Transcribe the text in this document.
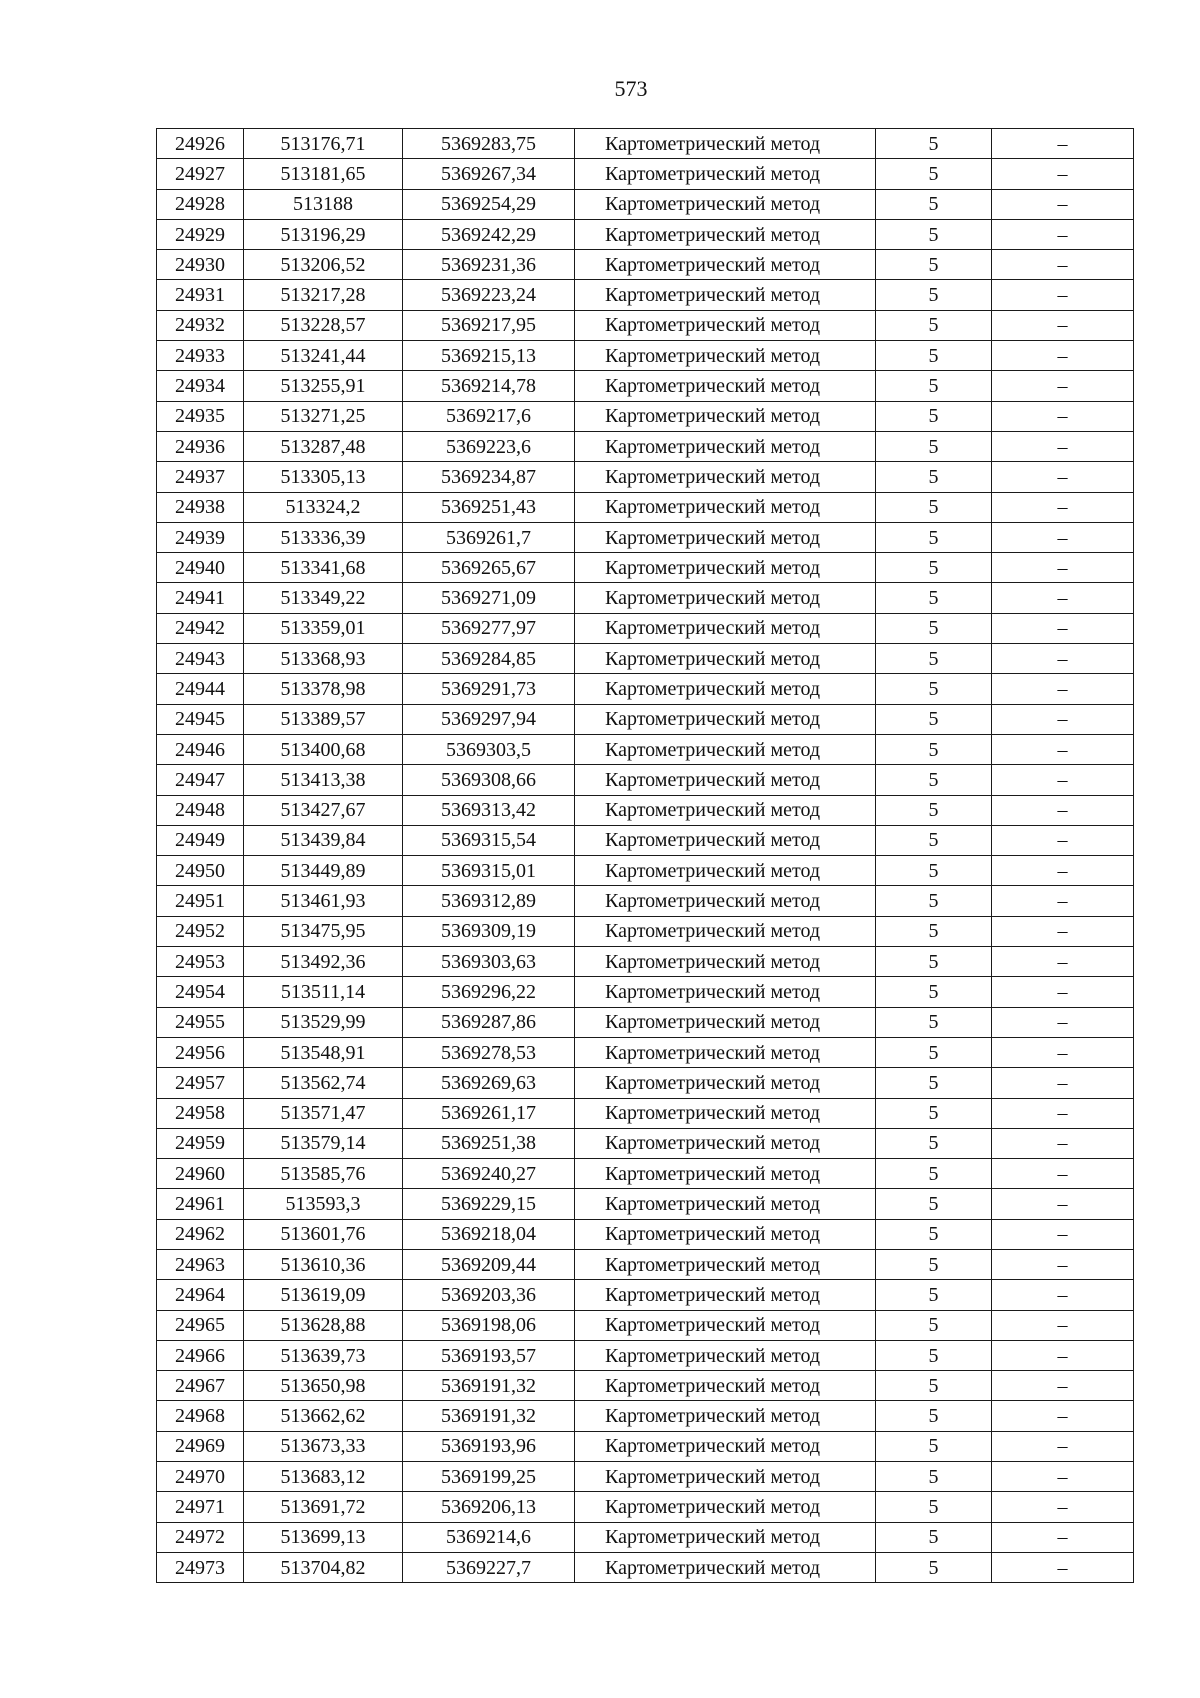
573
24926	513176,71	5369283,75	Картометрический метод	5	–
24927	513181,65	5369267,34	Картометрический метод	5	–
24928	513188	5369254,29	Картометрический метод	5	–
24929	513196,29	5369242,29	Картометрический метод	5	–
24930	513206,52	5369231,36	Картометрический метод	5	–
24931	513217,28	5369223,24	Картометрический метод	5	–
24932	513228,57	5369217,95	Картометрический метод	5	–
24933	513241,44	5369215,13	Картометрический метод	5	–
24934	513255,91	5369214,78	Картометрический метод	5	–
24935	513271,25	5369217,6	Картометрический метод	5	–
24936	513287,48	5369223,6	Картометрический метод	5	–
24937	513305,13	5369234,87	Картометрический метод	5	–
24938	513324,2	5369251,43	Картометрический метод	5	–
24939	513336,39	5369261,7	Картометрический метод	5	–
24940	513341,68	5369265,67	Картометрический метод	5	–
24941	513349,22	5369271,09	Картометрический метод	5	–
24942	513359,01	5369277,97	Картометрический метод	5	–
24943	513368,93	5369284,85	Картометрический метод	5	–
24944	513378,98	5369291,73	Картометрический метод	5	–
24945	513389,57	5369297,94	Картометрический метод	5	–
24946	513400,68	5369303,5	Картометрический метод	5	–
24947	513413,38	5369308,66	Картометрический метод	5	–
24948	513427,67	5369313,42	Картометрический метод	5	–
24949	513439,84	5369315,54	Картометрический метод	5	–
24950	513449,89	5369315,01	Картометрический метод	5	–
24951	513461,93	5369312,89	Картометрический метод	5	–
24952	513475,95	5369309,19	Картометрический метод	5	–
24953	513492,36	5369303,63	Картометрический метод	5	–
24954	513511,14	5369296,22	Картометрический метод	5	–
24955	513529,99	5369287,86	Картометрический метод	5	–
24956	513548,91	5369278,53	Картометрический метод	5	–
24957	513562,74	5369269,63	Картометрический метод	5	–
24958	513571,47	5369261,17	Картометрический метод	5	–
24959	513579,14	5369251,38	Картометрический метод	5	–
24960	513585,76	5369240,27	Картометрический метод	5	–
24961	513593,3	5369229,15	Картометрический метод	5	–
24962	513601,76	5369218,04	Картометрический метод	5	–
24963	513610,36	5369209,44	Картометрический метод	5	–
24964	513619,09	5369203,36	Картометрический метод	5	–
24965	513628,88	5369198,06	Картометрический метод	5	–
24966	513639,73	5369193,57	Картометрический метод	5	–
24967	513650,98	5369191,32	Картометрический метод	5	–
24968	513662,62	5369191,32	Картометрический метод	5	–
24969	513673,33	5369193,96	Картометрический метод	5	–
24970	513683,12	5369199,25	Картометрический метод	5	–
24971	513691,72	5369206,13	Картометрический метод	5	–
24972	513699,13	5369214,6	Картометрический метод	5	–
24973	513704,82	5369227,7	Картометрический метод	5	–
